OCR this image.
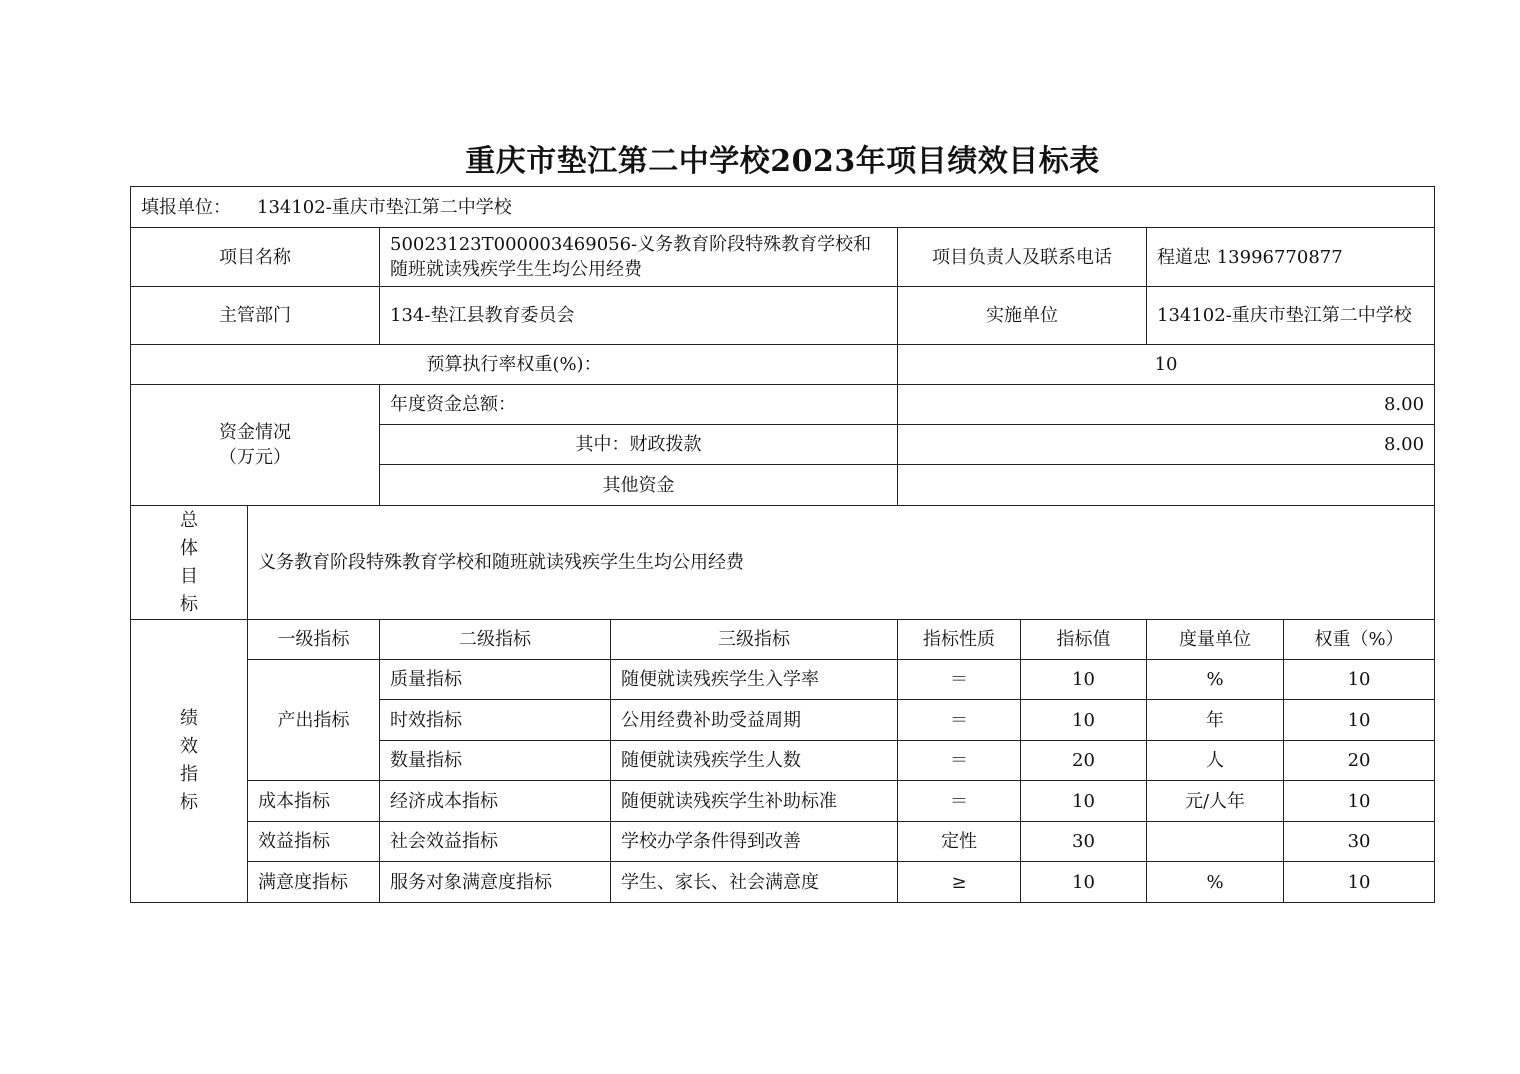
重庆市垫江第二中学校2023年项目绩效目标表
填报单位： 134102-重庆市垫江第二中学校							
项目名称		50023123T000003469056-义务教育阶段特殊教育学校和随班就读残疾学生生均公用经费		项目负责人及联系电话		程道忠 13996770877	
主管部门		134-垫江县教育委员会		实施单位		134102-重庆市垫江第二中学校	
预算执行率权重(%)：				10			

资金情况
（万元）		年度资金总额：		8.00			
		其中：财政拨款		8.00			
		其他资金					

总
体
目
标	义务教育阶段特殊教育学校和随班就读残疾学生生均公用经费						

绩
效
指
标	一级指标	二级指标	三级指标	指标性质	指标值	度量单位	权重（%）
	产出指标	质量指标	随便就读残疾学生入学率	＝	10	%	10
		时效指标	公用经费补助受益周期	＝	10	年	10
		数量指标	随便就读残疾学生人数	＝	20	人	20
	成本指标	经济成本指标	随便就读残疾学生补助标准	＝	10	元/人年	10
	效益指标	社会效益指标	学校办学条件得到改善	定性	30		30
	满意度指标	服务对象满意度指标	学生、家长、社会满意度	≥	10	%	10
